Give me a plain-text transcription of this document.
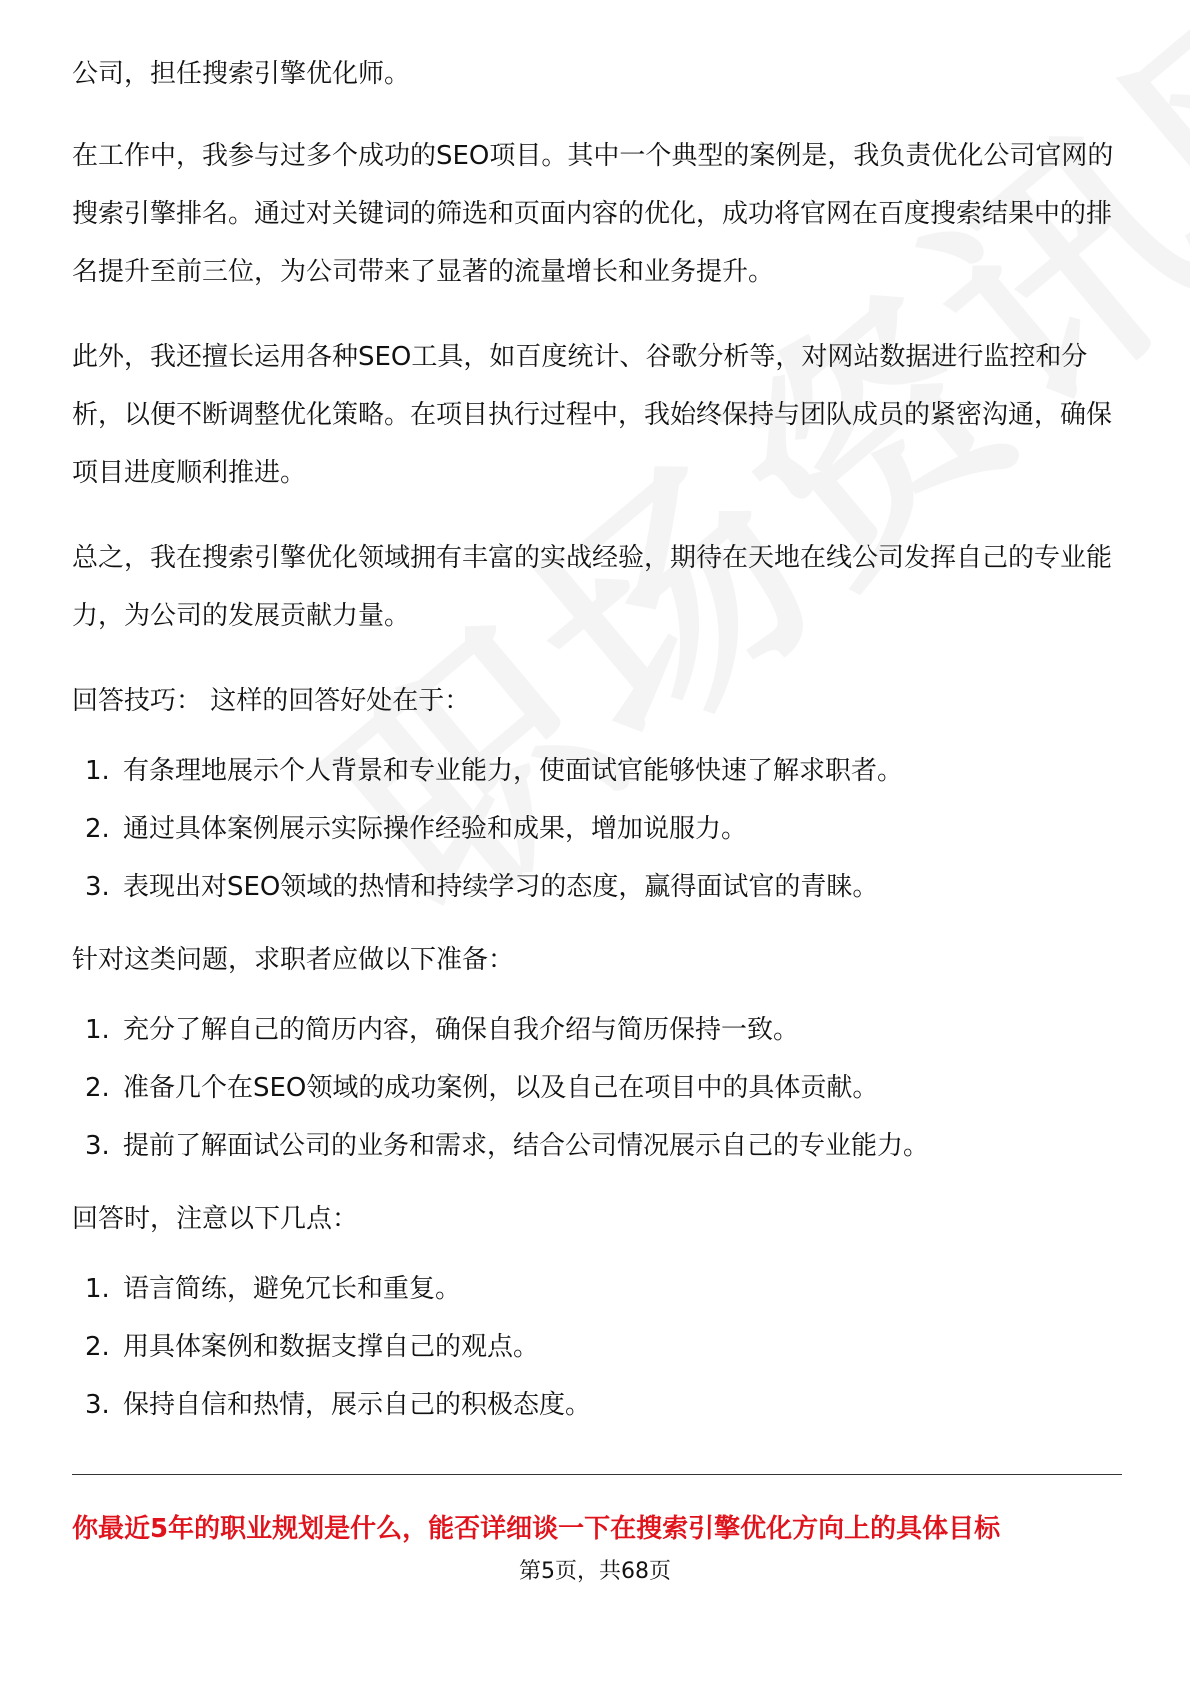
公司，担任搜索引擎优化师。

在工作中，我参与过多个成功的SEO项目。其中一个典型的案例是，我负责优化公司官网的搜索引擎排名。通过对关键词的筛选和页面内容的优化，成功将官网在百度搜索结果中的排名提升至前三位，为公司带来了显著的流量增长和业务提升。

此外，我还擅长运用各种SEO工具，如百度统计、谷歌分析等，对网站数据进行监控和分析，以便不断调整优化策略。在项目执行过程中，我始终保持与团队成员的紧密沟通，确保项目进度顺利推进。

总之，我在搜索引擎优化领域拥有丰富的实战经验，期待在天地在线公司发挥自己的专业能力，为公司的发展贡献力量。

回答技巧： 这样的回答好处在于：

1. 有条理地展示个人背景和专业能力，使面试官能够快速了解求职者。
2. 通过具体案例展示实际操作经验和成果，增加说服力。
3. 表现出对SEO领域的热情和持续学习的态度，赢得面试官的青睐。

针对这类问题，求职者应做以下准备：

1. 充分了解自己的简历内容，确保自我介绍与简历保持一致。
2. 准备几个在SEO领域的成功案例，以及自己在项目中的具体贡献。
3. 提前了解面试公司的业务和需求，结合公司情况展示自己的专业能力。

回答时，注意以下几点：

1. 语言简练，避免冗长和重复。
2. 用具体案例和数据支撑自己的观点。
3. 保持自信和热情，展示自己的积极态度。
你最近5年的职业规划是什么，能否详细谈一下在搜索引擎优化方向上的具体目标
第5页，共68页
